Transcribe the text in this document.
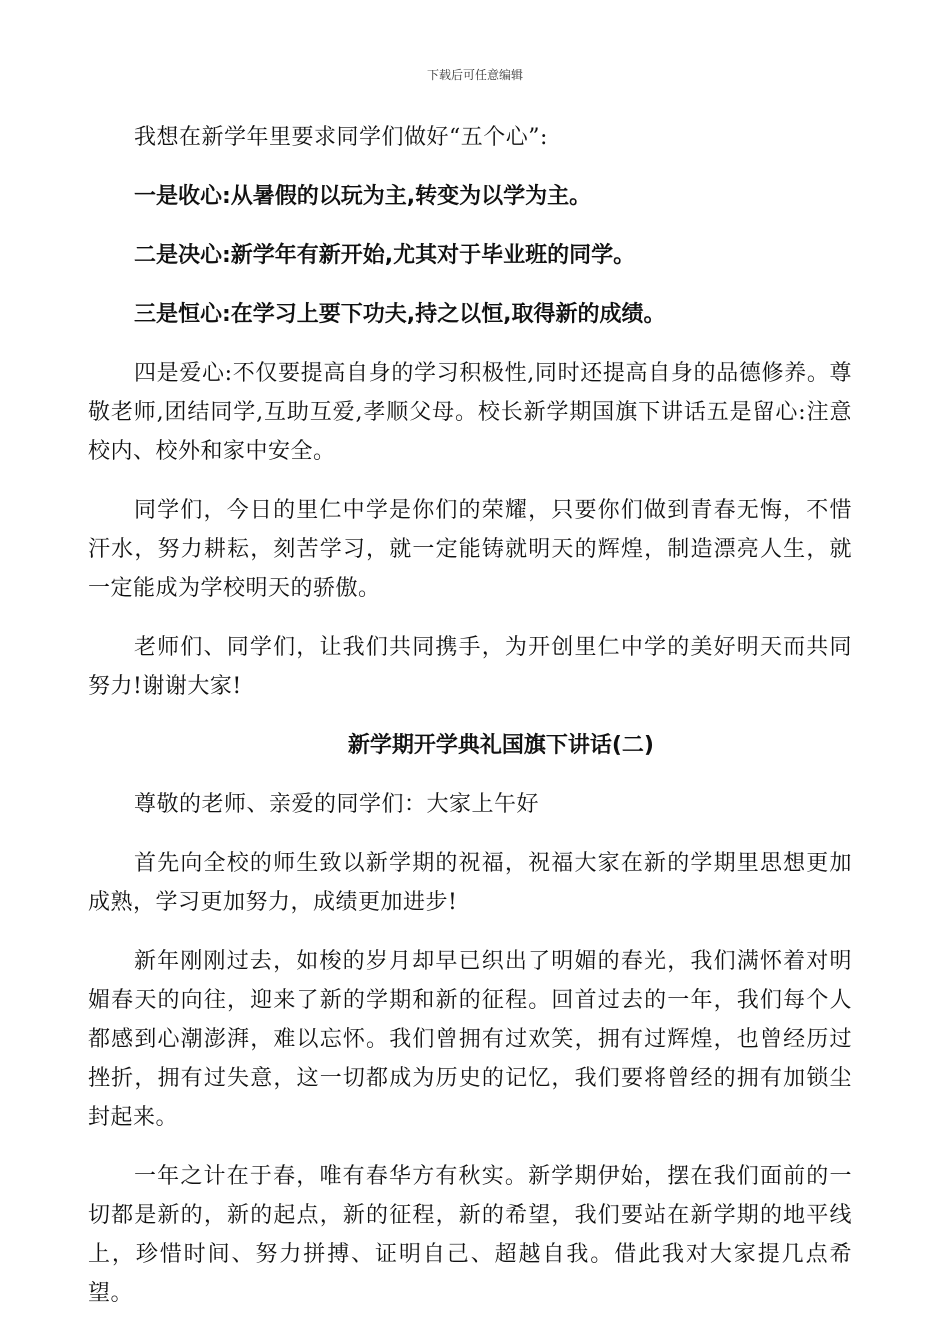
下载后可任意编辑

我想在新学年里要求同学们做好“五个心”:

一是收心:从暑假的以玩为主,转变为以学为主。

二是决心:新学年有新开始,尤其对于毕业班的同学。

三是恒心:在学习上要下功夫,持之以恒,取得新的成绩。

四是爱心:不仅要提高自身的学习积极性,同时还提高自身的品德修养。尊敬老师,团结同学,互助互爱,孝顺父母。校长新学期国旗下讲话五是留心:注意校内、校外和家中安全。

同学们，今日的里仁中学是你们的荣耀，只要你们做到青春无悔，不惜汗水，努力耕耘，刻苦学习，就一定能铸就明天的辉煌，制造漂亮人生，就一定能成为学校明天的骄傲。

老师们、同学们，让我们共同携手，为开创里仁中学的美好明天而共同努力!谢谢大家!

新学期开学典礼国旗下讲话(二)

尊敬的老师、亲爱的同学们：大家上午好

首先向全校的师生致以新学期的祝福，祝福大家在新的学期里思想更加成熟，学习更加努力，成绩更加进步!

新年刚刚过去，如梭的岁月却早已织出了明媚的春光，我们满怀着对明媚春天的向往，迎来了新的学期和新的征程。回首过去的一年，我们每个人都感到心潮澎湃，难以忘怀。我们曾拥有过欢笑，拥有过辉煌，也曾经历过挫折，拥有过失意，这一切都成为历史的记忆，我们要将曾经的拥有加锁尘封起来。

一年之计在于春，唯有春华方有秋实。新学期伊始，摆在我们面前的一切都是新的，新的起点，新的征程，新的希望，我们要站在新学期的地平线上，珍惜时间、努力拼搏、证明自己、超越自我。借此我对大家提几点希望。
